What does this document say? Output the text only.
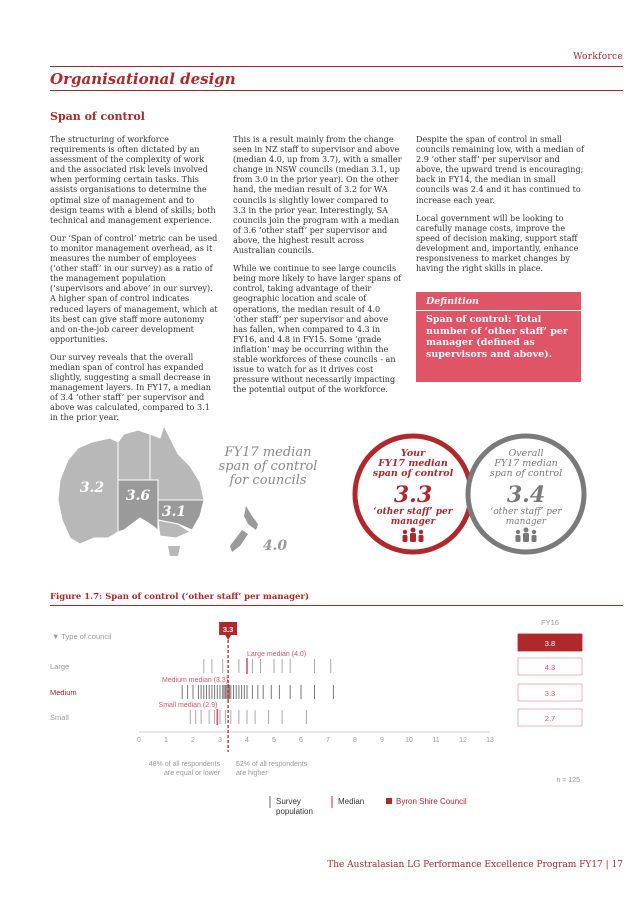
Workforce
Organisational design
Span of control

The structuring of workforce requirements is often dictated by an assessment of the complexity of work and the associated risk levels involved when performing certain tasks. This assists organisations to determine the optimal size of management and to design teams with a blend of skills; both technical and management experience.

Our ‘Span of control’ metric can be used to monitor management overhead, as it measures the number of employees (‘other staff’ in our survey) as a ratio of the management population (‘supervisors and above’ in our survey). A higher span of control indicates reduced layers of management, which at its best can give staff more autonomy and on-the-job career development opportunities.

Our survey reveals that the overall median span of control has expanded slightly, suggesting a small decrease in management layers. In FY17, a median of 3.4 ‘other staff’ per supervisor and above was calculated, compared to 3.1 in the prior year.

This is a result mainly from the change seen in NZ staff to supervisor and above (median 4.0, up from 3.7), with a smaller change in NSW councils (median 3.1, up from 3.0 in the prior year). On the other hand, the median result of 3.2 for WA councils is slightly lower compared to 3.3 in the prior year. Interestingly, SA councils join the program with a median of 3.6 ‘other staff’ per supervisor and above, the highest result across Australian councils.

While we continue to see large councils being more likely to have larger spans of control, taking advantage of their geographic location and scale of operations, the median result of 4.0 ‘other staff’ per supervisor and above has fallen, when compared to 4.3 in FY16, and 4.8 in FY15. Some ‘grade inflation’ may be occurring within the stable workforces of these councils - an issue to watch for as it drives cost pressure without necessarily impacting the potential output of the workforce.

Despite the span of control in small councils remaining low, with a median of 2.9 ‘other staff’ per supervisor and above, the upward trend is encouraging; back in FY14, the median in small councils was 2.4 and it has continued to increase each year.

Local government will be looking to carefully manage costs, improve the speed of decision making, support staff development and, importantly, enhance responsiveness to market changes by having the right skills in place.

Definition
Span of control: Total number of ‘other staff’ per manager (defined as supervisors and above).
3.2 3.6
3.1
4.0
FY17 median
span of control
for councils
Your
FY17 median
span of control
3.3
‘other staff’ per
manager
Overall
FY17 median
span of control
3.4
‘other staff’ per
manager
Figure 1.7: Span of control (‘other staff’ per manager)
▼ Type of council
Large
Large median (4.0)
Medium
Medium median (3.3)
Small
Small median (2.9)
0	1	2	3	4	5	6	7	8	9	10	11	12	13
FY16
3.8
4.3
3.3
2.7
3.3
48% of all respondents
are equal or lower
52% of all respondents
are higher
n = 125
Survey
population
Median	Byron Shire Council
The Australasian LG Performance Excellence Program FY17 | 17
